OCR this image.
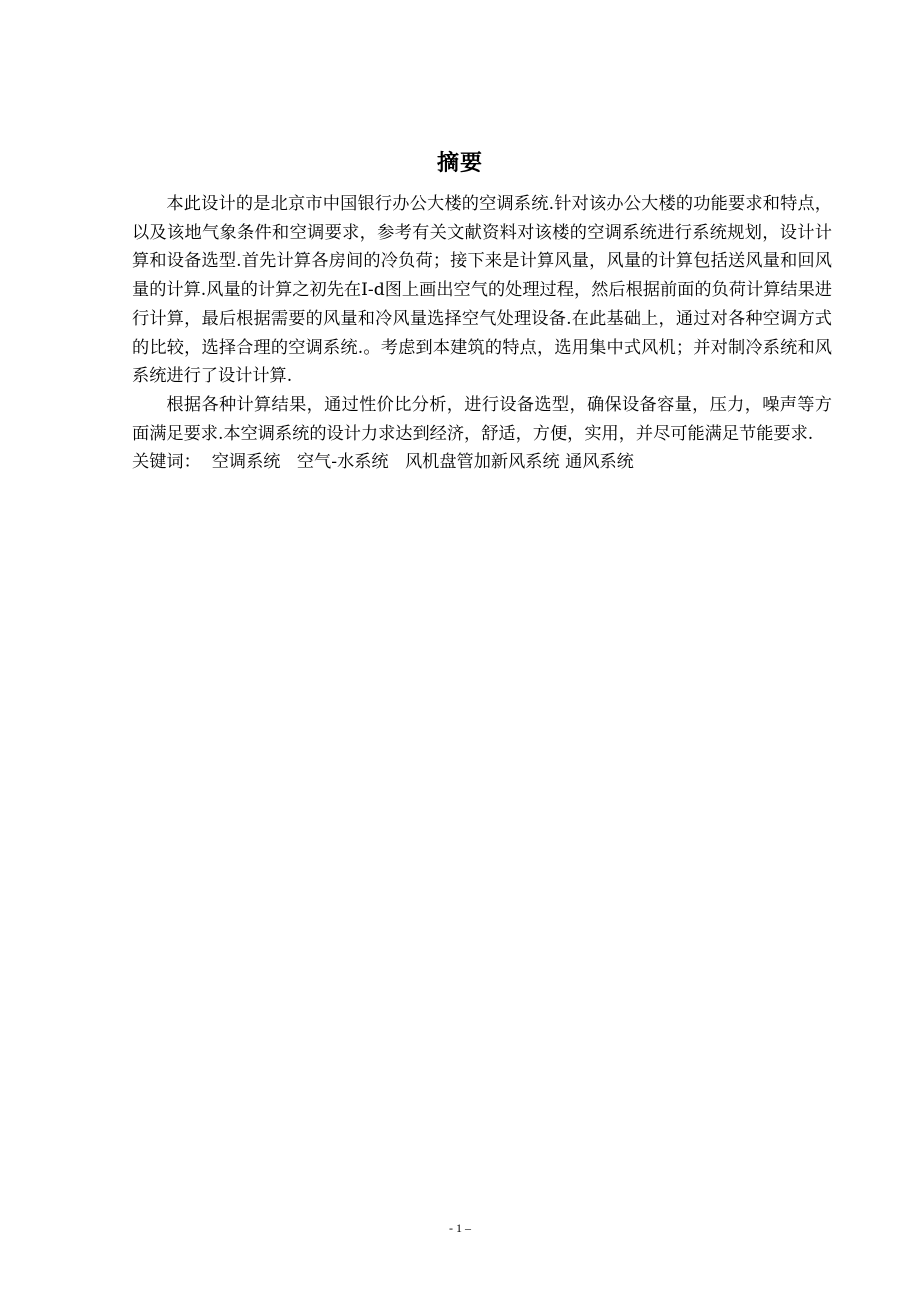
摘要

本此设计的是北京市中国银行办公大楼的空调系统.针对该办公大楼的功能要求和特点，以及该地气象条件和空调要求，参考有关文献资料对该楼的空调系统进行系统规划，设计计算和设备选型.首先计算各房间的冷负荷；接下来是计算风量，风量的计算包括送风量和回风量的计算.风量的计算之初先在I-d图上画出空气的处理过程，然后根据前面的负荷计算结果进行计算，最后根据需要的风量和冷风量选择空气处理设备.在此基础上，通过对各种空调方式的比较，选择合理的空调系统.。考虑到本建筑的特点，选用集中式风机；并对制冷系统和风系统进行了设计计算.

根据各种计算结果，通过性价比分析，进行设备选型，确保设备容量，压力，噪声等方面满足要求.本空调系统的设计力求达到经济，舒适，方便，实用，并尽可能满足节能要求.

关键词：  空调系统   空气-水系统   风机盘管加新风系统 通风系统

- 1 –
